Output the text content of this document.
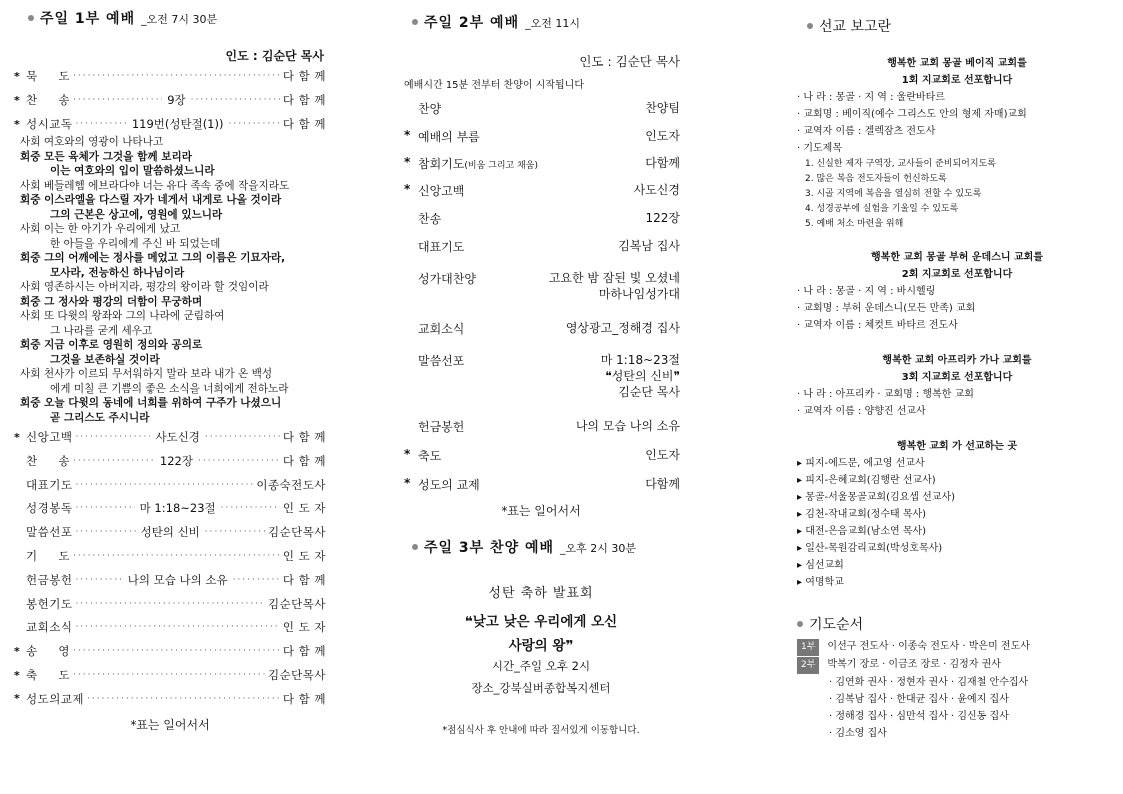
주일 1부 예배 _오전 7시 30분
인도 : 김순단 목사
* 묵     도 ·····	다 함 께
* 찬     송 ·····	9장 ·····	다 함 께
* 성시교독 ·····	119번(성탄절(1)) ·····	다 함 께
사회 여호와의 영광이 나타나고
회중 모든 육체가 그것을 함께 보리라
이는 여호와의 입이 말씀하셨느니라
사회 베들레헴 에브라다야 너는 유다 족속 중에 작을지라도
회중 이스라엘을 다스릴 자가 네게서 내게로 나올 것이라
그의 근본은 상고에, 영원에 있느니라
사회 이는 한 아기가 우리에게 났고
한 아들을 우리에게 주신 바 되었는데
회중 그의 어깨에는 정사를 메었고 그의 이름은 기묘자라,
모사라, 전능하신 하나님이라
사회 영존하시는 아버지라, 평강의 왕이라 할 것임이라
회중 그 정사와 평강의 더함이 무궁하며
사회 또 다윗의 왕좌와 그의 나라에 군림하여
그 나라를 굳게 세우고
회중 지금 이후로 영원히 정의와 공의로
그것을 보존하실 것이라
사회 천사가 이르되 무서워하지 말라 보라 내가 온 백성
에게 미칠 큰 기쁨의 좋은 소식을 너희에게 전하노라
회중 오늘 다윗의 동네에 너희를 위하여 구주가 나셨으니
곧 그리스도 주시니라
* 신앙고백 ·····	사도신경 ·····	다 함 께
찬     송 ·····	122장 ·····	다 함 께
대표기도 ·····	이종숙전도사
성경봉독 ·····	마 1:18~23절 ·····	인 도 자
말씀선포 ·····	성탄의 신비 ·····	김순단목사
기     도 ·····	인 도 자
헌금봉헌 ·····	나의 모습 나의 소유 ·····	다 함 께
봉헌기도 ·····	김순단목사
교회소식 ·····	인 도 자
* 송     영 ·····	다 함 께
* 축     도 ·····	김순단목사
* 성도의교제 ·····	다 함 께
*표는 일어서서
주일 2부 예배 _오전 11시
인도 : 김순단 목사
예배시간 15분 전부터 찬양이 시작됩니다
찬양	찬양팀
* 예배의 부름	인도자
* 참회기도(비움 그리고 채움)	다함께
* 신앙고백	사도신경
찬송	122장
대표기도	김복남 집사
성가대찬양	고요한 밤 잠된 빛 오셨네
마하나임성가대
교회소식	영상광고_정해경 집사
말씀선포	마 1:18~23절
❝성탄의 신비❞
김순단 목사
헌금봉헌	나의 모습 나의 소유
* 축도	인도자
* 성도의 교제	다함께
*표는 일어서서
주일 3부 찬양 예배 _오후 2시 30분
성탄 축하 발표회
❝낮고 낮은 우리에게 오신
사랑의 왕❞
시간_주일 오후 2시
장소_강북실버종합복지센터
*점심식사 후 안내에 따라 질서있게 이동합니다.
선교 보고란
행복한 교회 몽골 베이직 교회를
1회 지교회로 선포합니다
· 나 라 : 몽골 · 지 역 : 울란바타르
· 교회명 : 베이직(예수 그리스도 안의 형제 자매)교회
· 교역자 이름 : 겔렉잠츠 전도사
· 기도제목
1. 신실한 제자 구역장, 교사들이 준비되어지도록
2. 많은 복음 전도자들이 헌신하도록
3. 시골 지역에 복음을 열심히 전할 수 있도록
4. 성경공부에 실험을 기울일 수 있도록
5. 예배 처소 마련을 위해
행복한 교회 몽골 부허 운데스니 교회를
2회 지교회로 선포합니다
· 나 라 : 몽골 · 지 역 : 바시헬링
· 교회명 : 부허 운데스니(모든 만족) 교회
· 교역자 이름 : 체컷트 바타르 전도사
행복한 교회 아프리카 가나 교회를
3회 지교회로 선포합니다
· 나 라 : 아프리카 · 교회명 : 행복한 교회
· 교역자 이름 : 양향진 선교사
행복한 교회 가 선교하는 곳
▸ 피지-에드문, 에고영 선교사
▸ 피지-은혜교회(김행란 선교사)
▸ 몽골-서울몽골교회(김요셉 선교사)
▸ 김천-작내교회(정수태 목사)
▸ 대전-은음교회(남소연 목사)
▸ 일산-목원감리교회(박성호목사)
▸ 심선교회
▸ 여명학교
기도순서
1부 이선구 전도사 · 이종숙 전도사 · 박은미 전도사
2부 박복기 장로 · 이금조 장로 · 김정자 권사
· 김연화 권사 · 정현자 권사 · 김재철 안수집사
· 김복남 집사 · 한대균 집사 · 윤예지 집사
· 정해경 집사 · 심만석 집사 · 김신동 집사
· 김소영 집사
